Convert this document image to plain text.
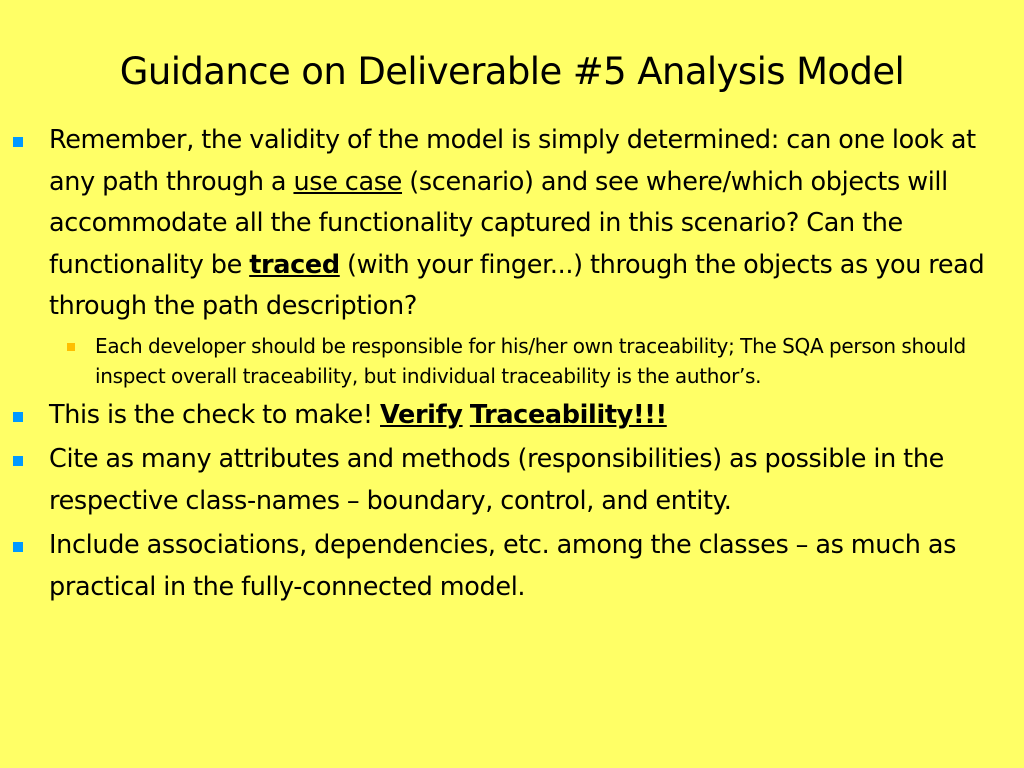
Guidance on Deliverable #5 Analysis Model
Remember, the validity of the model is simply determined: can one look at any path through a use case (scenario) and see where/which objects will accommodate all the functionality captured in this scenario? Can the functionality be traced (with your finger...) through the objects as you read through the path description?
Each developer should be responsible for his/her own traceability; The SQA person should inspect overall traceability, but individual traceability is the author’s.
This is the check to make! Verify Traceability!!!
Cite as many attributes and methods (responsibilities) as possible in the respective class-names – boundary, control, and entity.
Include associations, dependencies, etc. among the classes – as much as practical in the fully-connected model.
